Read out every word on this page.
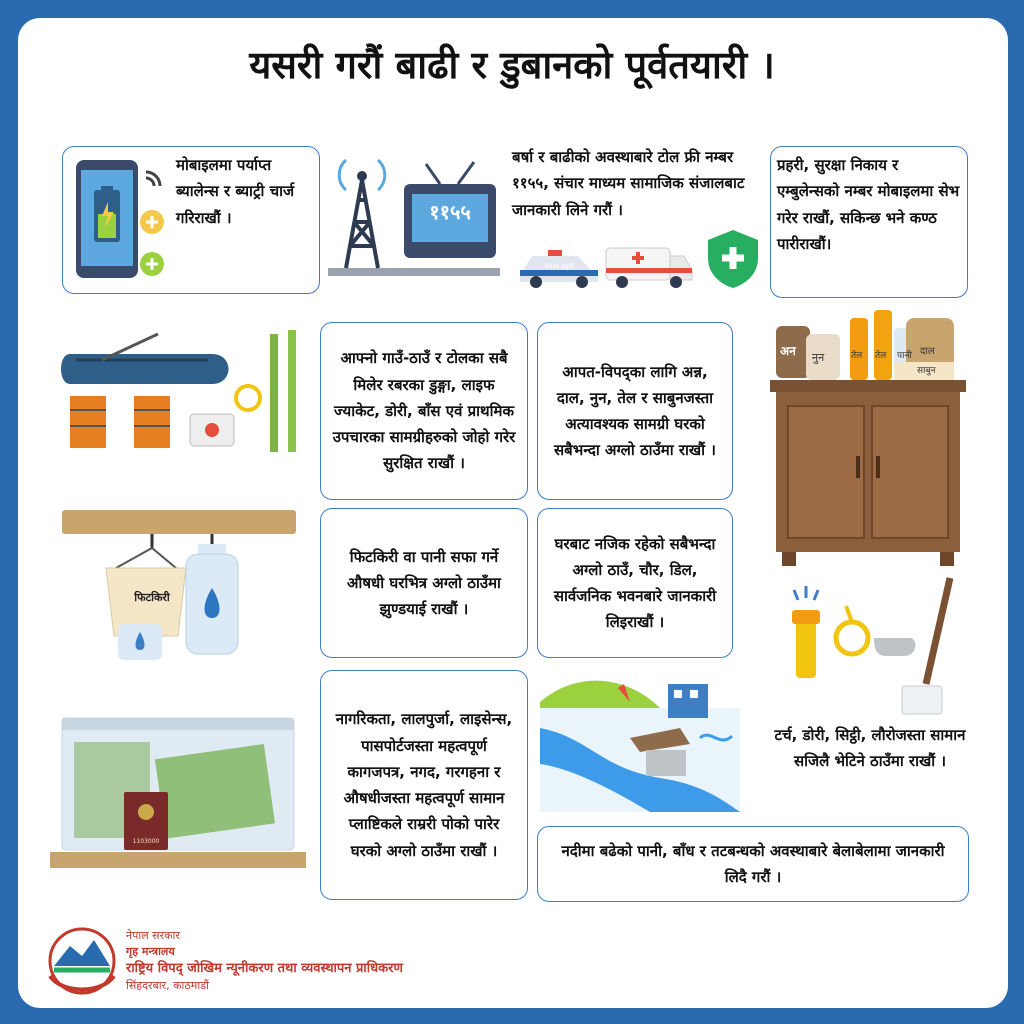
यसरी गरौं बाढी र डुबानको पूर्वतयारी ।
मोबाइलमा पर्याप्त ब्यालेन्स र ब्याट्री चार्ज गरिराखौं ।	११५५
बर्षा र बाढीको अवस्थाबारे टोल फ्री नम्बर ११५५, संचार माध्यम सामाजिक संजालबाट जानकारी लिने गरौं ।
नेपाल प्रहरी
प्रहरी, सुरक्षा निकाय र एम्बुलेन्सको नम्बर मोबाइलमा सेभ गरेर राखौं, सकिन्छ भने कण्ठ पारीराखौं।
आफ्नो गाउँ-ठाउँ र टोलका सबै मिलेर रबरका डुङ्गा, लाइफ ज्याकेट, डोरी, बाँस एवं प्राथमिक उपचारका सामग्रीहरुको जोहो गरेर सुरक्षित राखौं ।
आपत-विपद्का लागि अन्न, दाल, नुन, तेल र साबुनजस्ता अत्यावश्यक सामग्री घरको सबैभन्दा अग्लो ठाउँमा राखौं ।
अन नुन	तेल तेल पानी दाल
साबुन
फिटकिरी
फिटकिरी वा पानी सफा गर्ने औषधी घरभित्र अग्लो ठाउँमा झुण्डयाई राखौं ।
घरबाट नजिक रहेको सबैभन्दा अग्लो ठाउँ, चौर, डिल, सार्वजनिक भवनबारे जानकारी लिइराखौं ।
टर्च, डोरी, सिट्ठी, लौरोजस्ता सामान सजिलै भेटिने ठाउँमा राखौं ।
1103000
नागरिकता, लालपुर्जा, लाइसेन्स, पासपोर्टजस्ता महत्वपूर्ण कागजपत्र, नगद, गरगहना र औषधीजस्ता महत्वपूर्ण सामान प्लाष्टिकले राम्ररी पोको पारेर घरको अग्लो ठाउँमा राखौं ।	नदीमा बढेको पानी, बाँध र तटबन्धको अवस्थाबारे बेलाबेलामा जानकारी लिदै गरौं ।
नेपाल सरकार
गृह मन्त्रालय
राष्ट्रिय विपद् जोखिम न्यूनीकरण तथा व्यवस्थापन प्राधिकरण
सिंहदरबार, काठमाडौं
